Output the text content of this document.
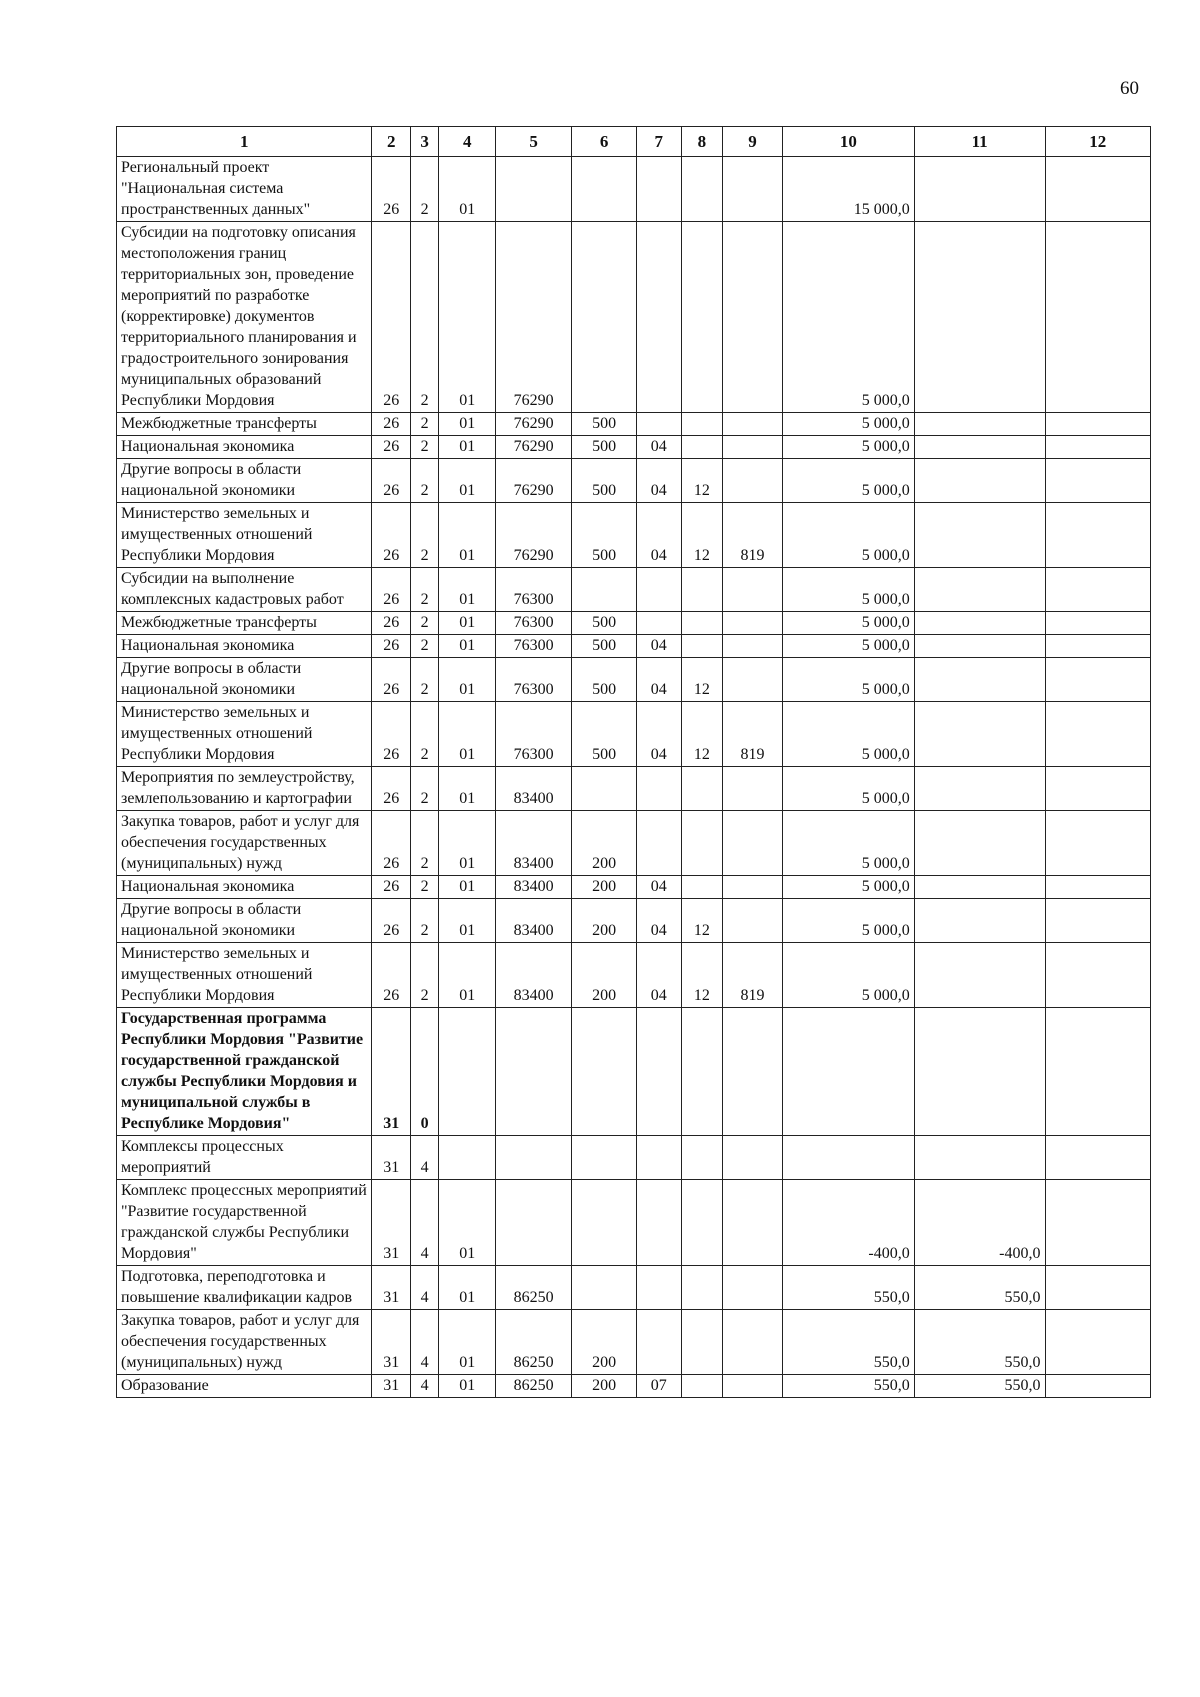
60
1	2	3	4	5	6	7	8	9	10	11	12
Региональный проект "Национальная система пространственных данных"	26	2	01						15 000,0		
Субсидии на подготовку описания местоположения границ территориальных зон, проведение мероприятий по разработке (корректировке) документов территориального планирования и градостроительного зонирования муниципальных образований Республики Мордовия	26	2	01	76290					5 000,0		
Межбюджетные трансферты	26	2	01	76290	500				5 000,0		
Национальная экономика	26	2	01	76290	500	04			5 000,0		
Другие вопросы в области национальной экономики	26	2	01	76290	500	04	12		5 000,0		
Министерство земельных и имущественных отношений Республики Мордовия	26	2	01	76290	500	04	12	819	5 000,0		
Субсидии на выполнение комплексных кадастровых работ	26	2	01	76300					5 000,0		
Межбюджетные трансферты	26	2	01	76300	500				5 000,0		
Национальная экономика	26	2	01	76300	500	04			5 000,0		
Другие вопросы в области национальной экономики	26	2	01	76300	500	04	12		5 000,0		
Министерство земельных и имущественных отношений Республики Мордовия	26	2	01	76300	500	04	12	819	5 000,0		
Мероприятия по землеустройству, землепользованию и картографии	26	2	01	83400					5 000,0		
Закупка товаров, работ и услуг для обеспечения государственных (муниципальных) нужд	26	2	01	83400	200				5 000,0		
Национальная экономика	26	2	01	83400	200	04			5 000,0		
Другие вопросы в области национальной экономики	26	2	01	83400	200	04	12		5 000,0		
Министерство земельных и имущественных отношений Республики Мордовия	26	2	01	83400	200	04	12	819	5 000,0		
Государственная программа Республики Мордовия "Развитие государственной гражданской службы Республики Мордовия и муниципальной службы в Республике Мордовия"	31	0									
Комплексы процессных мероприятий	31	4									
Комплекс процессных мероприятий "Развитие государственной гражданской службы Республики Мордовия"	31	4	01						-400,0	-400,0	
Подготовка, переподготовка и повышение квалификации кадров	31	4	01	86250					550,0	550,0	
Закупка товаров, работ и услуг для обеспечения государственных (муниципальных) нужд	31	4	01	86250	200				550,0	550,0	
Образование	31	4	01	86250	200	07			550,0	550,0	
